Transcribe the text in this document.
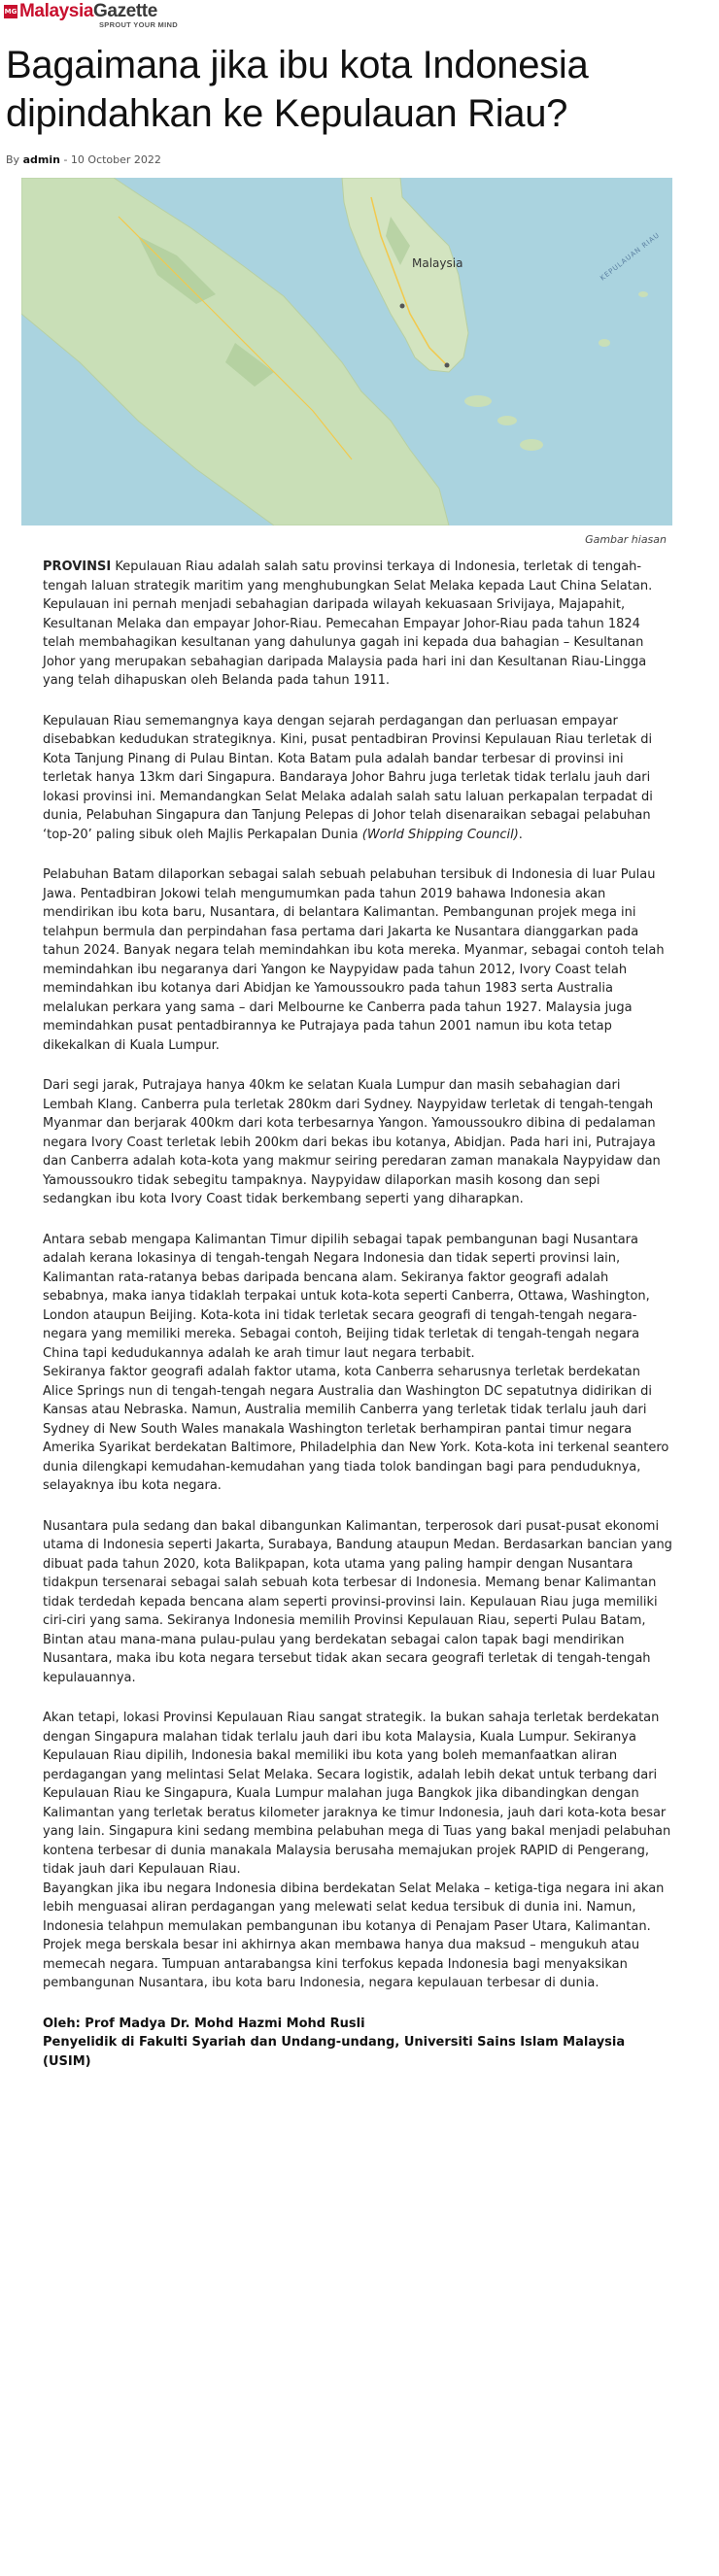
MG MalaysiaGazette
SPROUT YOUR MIND
Bagaimana jika ibu kota Indonesia dipindahkan ke Kepulauan Riau?
By admin - 10 October 2022
Malaysia	KEPULAUAN RIAU
Gambar hiasan

PROVINSI Kepulauan Riau adalah salah satu provinsi terkaya di Indonesia, terletak di tengah-tengah laluan strategik maritim yang menghubungkan Selat Melaka kepada Laut China Selatan. Kepulauan ini pernah menjadi sebahagian daripada wilayah kekuasaan Srivijaya, Majapahit, Kesultanan Melaka dan empayar Johor-Riau. Pemecahan Empayar Johor-Riau pada tahun 1824 telah membahagikan kesultanan yang dahulunya gagah ini kepada dua bahagian – Kesultanan Johor yang merupakan sebahagian daripada Malaysia pada hari ini dan Kesultanan Riau-Lingga yang telah dihapuskan oleh Belanda pada tahun 1911.

Kepulauan Riau sememangnya kaya dengan sejarah perdagangan dan perluasan empayar disebabkan kedudukan strategiknya. Kini, pusat pentadbiran Provinsi Kepulauan Riau terletak di Kota Tanjung Pinang di Pulau Bintan. Kota Batam pula adalah bandar terbesar di provinsi ini terletak hanya 13km dari Singapura. Bandaraya Johor Bahru juga terletak tidak terlalu jauh dari lokasi provinsi ini. Memandangkan Selat Melaka adalah salah satu laluan perkapalan terpadat di dunia, Pelabuhan Singapura dan Tanjung Pelepas di Johor telah disenaraikan sebagai pelabuhan ‘top-20’ paling sibuk oleh Majlis Perkapalan Dunia (World Shipping Council).

Pelabuhan Batam dilaporkan sebagai salah sebuah pelabuhan tersibuk di Indonesia di luar Pulau Jawa. Pentadbiran Jokowi telah mengumumkan pada tahun 2019 bahawa Indonesia akan mendirikan ibu kota baru, Nusantara, di belantara Kalimantan. Pembangunan projek mega ini telahpun bermula dan perpindahan fasa pertama dari Jakarta ke Nusantara dianggarkan pada tahun 2024. Banyak negara telah memindahkan ibu kota mereka. Myanmar, sebagai contoh telah memindahkan ibu negaranya dari Yangon ke Naypyidaw pada tahun 2012, Ivory Coast telah memindahkan ibu kotanya dari Abidjan ke Yamoussoukro pada tahun 1983 serta Australia melalukan perkara yang sama – dari Melbourne ke Canberra pada tahun 1927. Malaysia juga memindahkan pusat pentadbirannya ke Putrajaya pada tahun 2001 namun ibu kota tetap dikekalkan di Kuala Lumpur.

Dari segi jarak, Putrajaya hanya 40km ke selatan Kuala Lumpur dan masih sebahagian dari Lembah Klang. Canberra pula terletak 280km dari Sydney. Naypyidaw terletak di tengah-tengah Myanmar dan berjarak 400km dari kota terbesarnya Yangon. Yamoussoukro dibina di pedalaman negara Ivory Coast terletak lebih 200km dari bekas ibu kotanya, Abidjan. Pada hari ini, Putrajaya dan Canberra adalah kota-kota yang makmur seiring peredaran zaman manakala Naypyidaw dan Yamoussoukro tidak sebegitu tampaknya. Naypyidaw dilaporkan masih kosong dan sepi sedangkan ibu kota Ivory Coast tidak berkembang seperti yang diharapkan.

Antara sebab mengapa Kalimantan Timur dipilih sebagai tapak pembangunan bagi Nusantara adalah kerana lokasinya di tengah-tengah Negara Indonesia dan tidak seperti provinsi lain, Kalimantan rata-ratanya bebas daripada bencana alam. Sekiranya faktor geografi adalah sebabnya, maka ianya tidaklah terpakai untuk kota-kota seperti Canberra, Ottawa, Washington, London ataupun Beijing. Kota-kota ini tidak terletak secara geografi di tengah-tengah negara-negara yang memiliki mereka. Sebagai contoh, Beijing tidak terletak di tengah-tengah negara China tapi kedudukannya adalah ke arah timur laut negara terbabit.

Sekiranya faktor geografi adalah faktor utama, kota Canberra seharusnya terletak berdekatan Alice Springs nun di tengah-tengah negara Australia dan Washington DC sepatutnya didirikan di Kansas atau Nebraska. Namun, Australia memilih Canberra yang terletak tidak terlalu jauh dari Sydney di New South Wales manakala Washington terletak berhampiran pantai timur negara Amerika Syarikat berdekatan Baltimore, Philadelphia dan New York. Kota-kota ini terkenal seantero dunia dilengkapi kemudahan-kemudahan yang tiada tolok bandingan bagi para penduduknya, selayaknya ibu kota negara.

Nusantara pula sedang dan bakal dibangunkan Kalimantan, terperosok dari pusat-pusat ekonomi utama di Indonesia seperti Jakarta, Surabaya, Bandung ataupun Medan. Berdasarkan bancian yang dibuat pada tahun 2020, kota Balikpapan, kota utama yang paling hampir dengan Nusantara tidakpun tersenarai sebagai salah sebuah kota terbesar di Indonesia. Memang benar Kalimantan tidak terdedah kepada bencana alam seperti provinsi-provinsi lain. Kepulauan Riau juga memiliki ciri-ciri yang sama. Sekiranya Indonesia memilih Provinsi Kepulauan Riau, seperti Pulau Batam, Bintan atau mana-mana pulau-pulau yang berdekatan sebagai calon tapak bagi mendirikan Nusantara, maka ibu kota negara tersebut tidak akan secara geografi terletak di tengah-tengah kepulauannya.

Akan tetapi, lokasi Provinsi Kepulauan Riau sangat strategik. Ia bukan sahaja terletak berdekatan dengan Singapura malahan tidak terlalu jauh dari ibu kota Malaysia, Kuala Lumpur. Sekiranya Kepulauan Riau dipilih, Indonesia bakal memiliki ibu kota yang boleh memanfaatkan aliran perdagangan yang melintasi Selat Melaka. Secara logistik, adalah lebih dekat untuk terbang dari Kepulauan Riau ke Singapura, Kuala Lumpur malahan juga Bangkok jika dibandingkan dengan Kalimantan yang terletak beratus kilometer jaraknya ke timur Indonesia, jauh dari kota-kota besar yang lain. Singapura kini sedang membina pelabuhan mega di Tuas yang bakal menjadi pelabuhan kontena terbesar di dunia manakala Malaysia berusaha memajukan projek RAPID di Pengerang, tidak jauh dari Kepulauan Riau.

Bayangkan jika ibu negara Indonesia dibina berdekatan Selat Melaka – ketiga-tiga negara ini akan lebih menguasai aliran perdagangan yang melewati selat kedua tersibuk di dunia ini. Namun, Indonesia telahpun memulakan pembangunan ibu kotanya di Penajam Paser Utara, Kalimantan. Projek mega berskala besar ini akhirnya akan membawa hanya dua maksud – mengukuh atau memecah negara. Tumpuan antarabangsa kini terfokus kepada Indonesia bagi menyaksikan pembangunan Nusantara, ibu kota baru Indonesia, negara kepulauan terbesar di dunia.

Oleh: Prof Madya Dr. Mohd Hazmi Mohd Rusli
Penyelidik di Fakulti Syariah dan Undang-undang, Universiti Sains Islam Malaysia (USIM)
